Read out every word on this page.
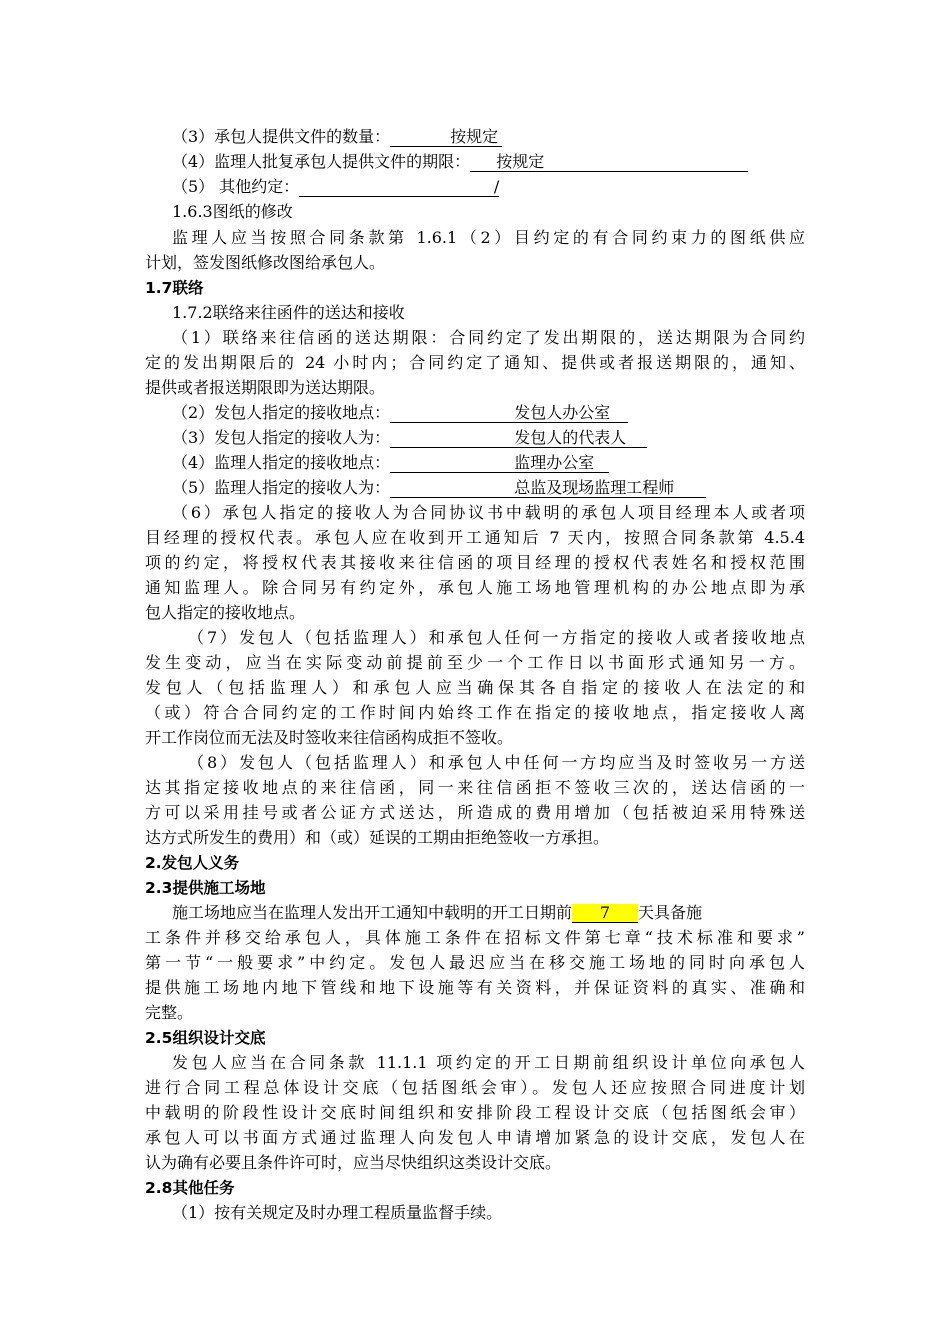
（3）承包人提供文件的数量：	按规定
（4）监理人批复承包人提供文件的期限： 按规定
（5） 其他约定：	/
1.6.3图纸的修改
监理人应当按照合同条款第 1.6.1（2）目约定的有合同约束力的图纸供应
计划，签发图纸修改图给承包人。
1.7联络
1.7.2联络来往函件的送达和接收
（1）联络来往信函的送达期限：合同约定了发出期限的，送达期限为合同约
定的发出期限后的 24 小时内；合同约定了通知、提供或者报送期限的，通知、
提供或者报送期限即为送达期限。
（2）发包人指定的接收地点：	发包人办公室
（3）发包人指定的接收人为：	发包人的代表人
（4）监理人指定的接收地点：	监理办公室
（5）监理人指定的接收人为：	总监及现场监理工程师
（6）承包人指定的接收人为合同协议书中载明的承包人项目经理本人或者项
目经理的授权代表。承包人应在收到开工通知后 7 天内，按照合同条款第 4.5.4
项的约定，将授权代表其接收来往信函的项目经理的授权代表姓名和授权范围
通知监理人。除合同另有约定外，承包人施工场地管理机构的办公地点即为承
包人指定的接收地点。
（7）发包人（包括监理人）和承包人任何一方指定的接收人或者接收地点
发生变动，应当在实际变动前提前至少一个工作日以书面形式通知另一方。
发包人（包括监理人）和承包人应当确保其各自指定的接收人在法定的和
（或）符合合同约定的工作时间内始终工作在指定的接收地点，指定接收人离
开工作岗位而无法及时签收来往信函构成拒不签收。
（8）发包人（包括监理人）和承包人中任何一方均应当及时签收另一方送
达其指定接收地点的来往信函，同一来往信函拒不签收三次的，送达信函的一
方可以采用挂号或者公证方式送达，所造成的费用增加（包括被迫采用特殊送
达方式所发生的费用）和（或）延误的工期由拒绝签收一方承担。
2.发包人义务
2.3提供施工场地
施工场地应当在监理人发出开工通知中载明的开工日期前 7 天具备施
工条件并移交给承包人，具体施工条件在招标文件第七章“技术标准和要求”
第一节“一般要求”中约定。发包人最迟应当在移交施工场地的同时向承包人
提供施工场地内地下管线和地下设施等有关资料，并保证资料的真实、准确和
完整。
2.5组织设计交底
发包人应当在合同条款 11.1.1 项约定的开工日期前组织设计单位向承包人
进行合同工程总体设计交底（包括图纸会审）。发包人还应按照合同进度计划
中载明的阶段性设计交底时间组织和安排阶段工程设计交底（包括图纸会审）
承包人可以书面方式通过监理人向发包人申请增加紧急的设计交底，发包人在
认为确有必要且条件许可时，应当尽快组织这类设计交底。
2.8其他任务
（1）按有关规定及时办理工程质量监督手续。
